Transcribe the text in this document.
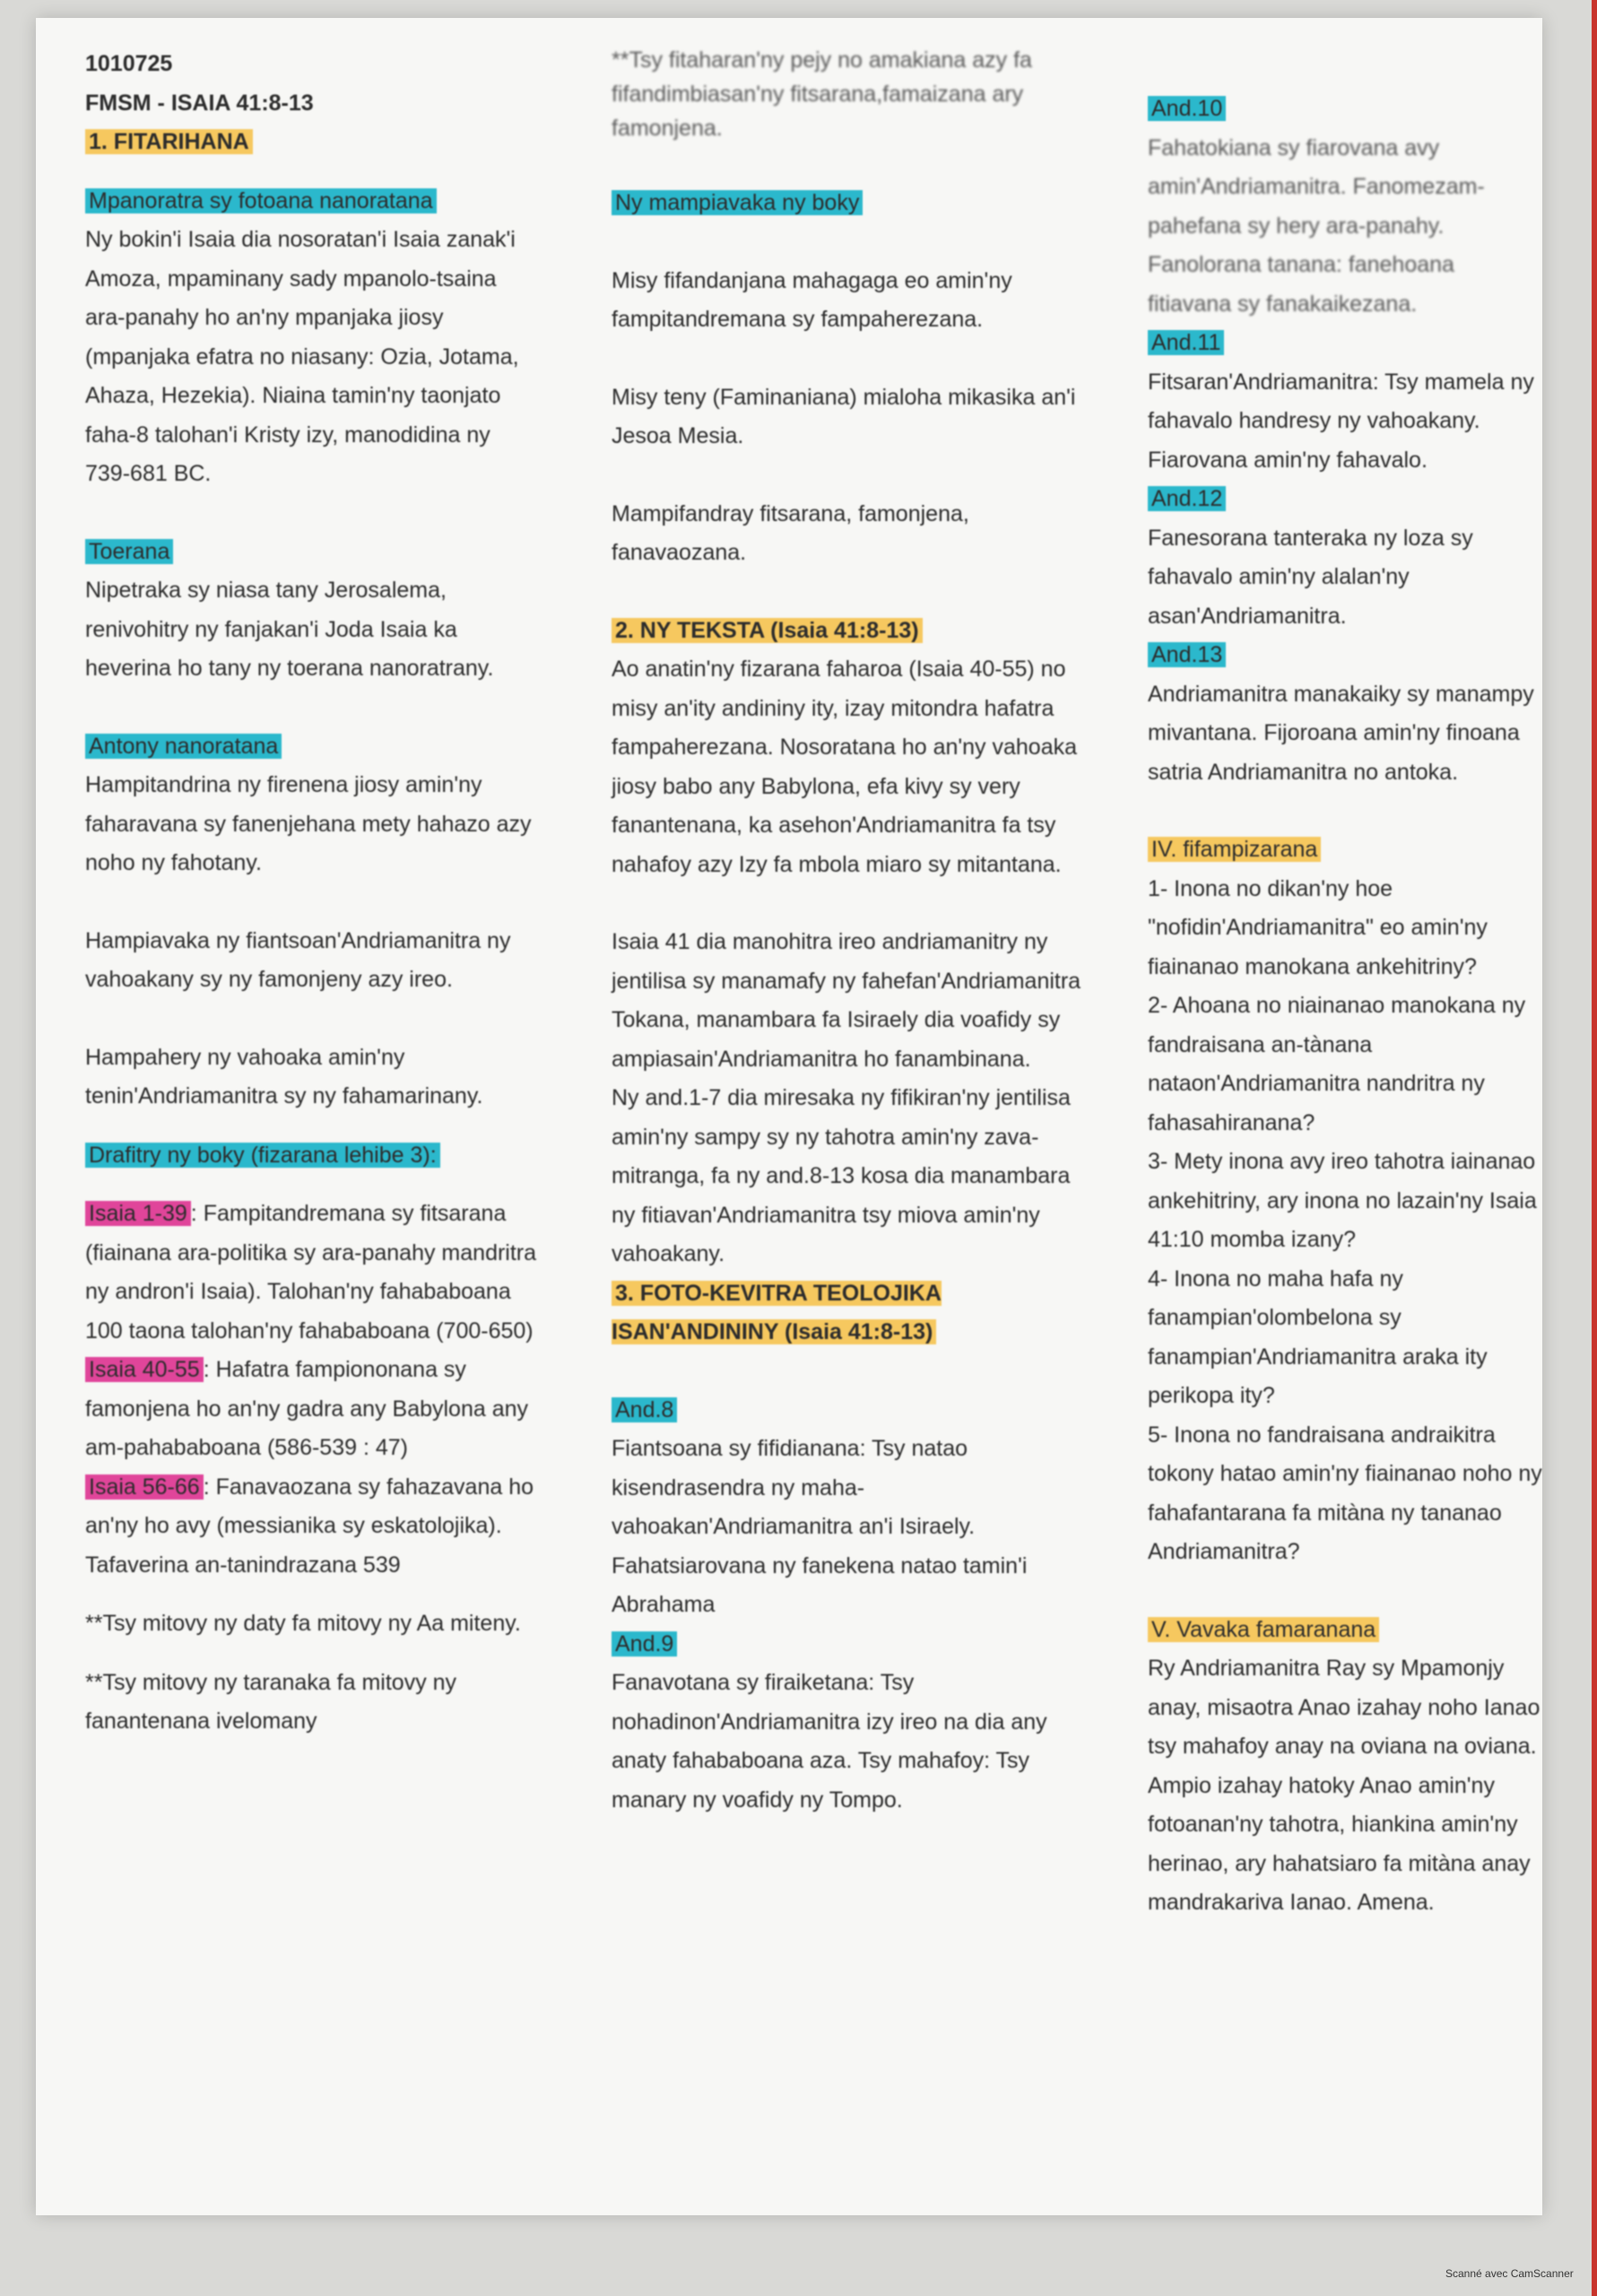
1010725

FMSM - ISAIA 41:8-13

1. FITARIHANA

Mpanoratra sy fotoana nanoratana

Ny bokin'i Isaia dia nosoratan'i Isaia zanak'i Amoza, mpaminany sady mpanolo-tsaina ara-panahy ho an'ny mpanjaka jiosy (mpanjaka efatra no niasany: Ozia, Jotama, Ahaza, Hezekia). Niaina tamin'ny taonjato faha-8 talohan'i Kristy izy, manodidina ny 739-681 BC.

Toerana

Nipetraka sy niasa tany Jerosalema, renivohitry ny fanjakan'i Joda Isaia ka heverina ho tany ny toerana nanoratrany.

Antony nanoratana

Hampitandrina ny firenena jiosy amin'ny faharavana sy fanenjehana mety hahazo azy noho ny fahotany.

Hampiavaka ny fiantsoan'Andriamanitra ny vahoakany sy ny famonjeny azy ireo.

Hampahery ny vahoaka amin'ny tenin'Andriamanitra sy ny fahamarinany.

Drafitry ny boky (fizarana lehibe 3):

Isaia 1-39 : Fampitandremana sy fitsarana (fiainana ara-politika sy ara-panahy mandritra ny andron'i Isaia). Talohan'ny fahababoana 100 taona talohan'ny fahababoana (700-650)

Isaia 40-55 : Hafatra fampiononana sy famonjena ho an'ny gadra any Babylona any am-pahababoana (586-539 : 47)

Isaia 56-66 : Fanavaozana sy fahazavana ho an'ny ho avy (messianika sy eskatolojika). Tafaverina an-tanindrazana 539

**Tsy mitovy ny daty fa mitovy ny Aa miteny.

**Tsy mitovy ny taranaka fa mitovy ny fanantenana ivelomany

**Tsy fitaharan'ny pejy no amakiana azy fa fifandimbiasan'ny fitsarana,famaizana ary famonjena.

Ny mampiavaka ny boky

Misy fifandanjana mahagaga eo amin'ny fampitandremana sy fampaherezana.

Misy teny (Faminaniana) mialoha mikasika an'i Jesoa Mesia.

Mampifandray fitsarana, famonjena, fanavaozana.

2. NY TEKSTA (Isaia 41:8-13)

Ao anatin'ny fizarana faharoa (Isaia 40-55) no misy an'ity andininy ity, izay mitondra hafatra fampaherezana. Nosoratana ho an'ny vahoaka jiosy babo any Babylona, efa kivy sy very fanantenana, ka asehon'Andriamanitra fa tsy nahafoy azy Izy fa mbola miaro sy mitantana.

Isaia 41 dia manohitra ireo andriamanitry ny jentilisa sy manamafy ny fahefan'Andriamanitra Tokana, manambara fa Isiraely dia voafidy sy ampiasain'Andriamanitra ho fanambinana.

Ny and.1-7 dia miresaka ny fifikiran'ny jentilisa amin'ny sampy sy ny tahotra amin'ny zava-mitranga, fa ny and.8-13 kosa dia manambara ny fitiavan'Andriamanitra tsy miova amin'ny vahoakany.

3. FOTO-KEVITRA TEOLOJIKA ISAN'ANDININY (Isaia 41:8-13)

And.8

Fiantsoana sy fifidianana: Tsy natao kisendrasendra ny maha-vahoakan'Andriamanitra an'i Isiraely. Fahatsiarovana ny fanekena natao tamin'i Abrahama

And.9

Fanavotana sy firaiketana: Tsy nohadinon'Andriamanitra izy ireo na dia any anaty fahababoana aza. Tsy mahafoy: Tsy manary ny voafidy ny Tompo.

And.10

Fahatokiana sy fiarovana avy amin'Andriamanitra. Fanomezam-pahefana sy hery ara-panahy. Fanolorana tanana: fanehoana fitiavana sy fanakaikezana.

And.11

Fitsaran'Andriamanitra: Tsy mamela ny fahavalo handresy ny vahoakany. Fiarovana amin'ny fahavalo.

And.12

Fanesorana tanteraka ny loza sy fahavalo amin'ny alalan'ny asan'Andriamanitra.

And.13

Andriamanitra manakaiky sy manampy mivantana. Fijoroana amin'ny finoana satria Andriamanitra no antoka.

IV. fifampizarana

1- Inona no dikan'ny hoe "nofidin'Andriamanitra" eo amin'ny fiainanao manokana ankehitriny?

2- Ahoana no niainanao manokana ny fandraisana an-tànana nataon'Andriamanitra nandritra ny fahasahiranana?

3- Mety inona avy ireo tahotra iainanao ankehitriny, ary inona no lazain'ny Isaia 41:10 momba izany?

4- Inona no maha hafa ny fanampian'olombelona sy fanampian'Andriamanitra araka ity perikopa ity?

5- Inona no fandraisana andraikitra tokony hatao amin'ny fiainanao noho ny fahafantarana fa mitàna ny tananao Andriamanitra?

V. Vavaka famaranana

Ry Andriamanitra Ray sy Mpamonjy anay, misaotra Anao izahay noho Ianao tsy mahafoy anay na oviana na oviana. Ampio izahay hatoky Anao amin'ny fotoanan'ny tahotra, hiankina amin'ny herinao, ary hahatsiaro fa mitàna anay mandrakariva Ianao. Amena.

Scanné avec CamScanner
